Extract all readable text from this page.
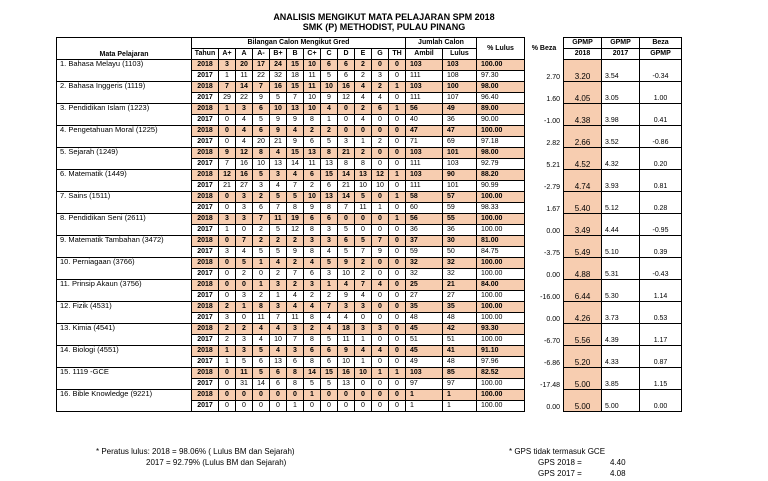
ANALISIS MENGIKUT MATA PELAJARAN SPM 2018
SMK (P) METHODIST, PULAU PINANG
Mata Pelajaran	Bilangan Calon Mengikut Gred												Jumlah Calon		% Lulus	% Beza	GPMP	GPMP	Beza
	Tahun	A+	A	A-	B+	B	C+	C	D	E	G	TH	Ambil	Lulus			2018	2017	GPMP
1. Bahasa Melayu (1103)	2018	3	20	17	24	15	10	6	6	2	0	0	103	103	100.00	2.70	3.20	3.54	-0.34
	2017	1	11	22	32	18	11	5	6	2	3	0	111	108	97.30				
2. Bahasa Inggeris (1119)	2018	7	14	7	16	15	11	10	16	4	2	1	103	100	98.00	1.60	4.05	3.05	1.00
	2017	29	22	9	5	7	10	9	12	4	4	0	111	107	96.40				
3. Pendidikan Islam (1223)	2018	1	3	6	10	13	10	4	0	2	6	1	56	49	89.00	-1.00	4.38	3.98	0.41
	2017	0	4	5	9	9	8	1	0	4	0	0	40	36	90.00				
4. Pengetahuan Moral (1225)	2018	0	4	6	9	4	2	2	0	0	0	0	47	47	100.00	2.82	2.66	3.52	-0.86
	2017	0	4	20	21	9	6	5	3	1	2	0	71	69	97.18				
5. Sejarah (1249)	2018	9	12	8	4	15	13	8	21	2	0	0	103	101	98.00	5.21	4.52	4.32	0.20
	2017	7	16	10	13	14	11	13	8	8	0	0	111	103	92.79				
6. Matematik (1449)	2018	12	16	5	3	4	6	15	14	13	12	1	103	90	88.20	-2.79	4.74	3.93	0.81
	2017	21	27	3	4	7	2	6	21	10	10	0	111	101	90.99				
7. Sains (1511)	2018	0	3	2	5	5	10	13	14	5	0	1	58	57	100.00	1.67	5.40	5.12	0.28
	2017	0	3	6	7	8	9	8	7	11	1	0	60	59	98.33				
8. Pendidikan Seni (2611)	2018	3	3	7	11	19	6	6	0	0	0	1	56	55	100.00	0.00	3.49	4.44	-0.95
	2017	1	0	2	5	12	8	3	5	0	0	0	36	36	100.00				
9. Matematik Tambahan (3472)	2018	0	7	2	2	2	3	3	6	5	7	0	37	30	81.00	-3.75	5.49	5.10	0.39
	2017	3	4	5	5	9	8	4	5	7	9	0	59	50	84.75				
10. Perniagaan (3766)	2018	0	5	1	4	2	4	5	9	2	0	0	32	32	100.00	0.00	4.88	5.31	-0.43
	2017	0	2	0	2	7	6	3	10	2	0	0	32	32	100.00				
11. Prinsip Akaun (3756)	2018	0	0	1	3	2	3	1	4	7	4	0	25	21	84.00	-16.00	6.44	5.30	1.14
	2017	0	3	2	1	4	2	2	9	4	0	0	27	27	100.00				
12. Fizik (4531)	2018	2	1	8	3	4	4	7	3	3	0	0	35	35	100.00	0.00	4.26	3.73	0.53
	2017	3	0	11	7	11	8	4	4	0	0	0	48	48	100.00				
13. Kimia (4541)	2018	2	2	4	4	3	2	4	18	3	3	0	45	42	93.30	-6.70	5.56	4.39	1.17
	2017	2	3	4	10	7	8	5	11	1	0	0	51	51	100.00				
14. Biologi (4551)	2018	1	3	5	4	3	6	6	9	4	4	0	45	41	91.10	-6.86	5.20	4.33	0.87
	2017	1	5	6	13	6	8	6	10	1	0	0	49	48	97.96				
15. 1119 -GCE	2018	0	11	5	6	8	14	15	16	10	1	1	103	85	82.52	-17.48	5.00	3.85	1.15
	2017	0	31	14	6	8	5	5	13	0	0	0	97	97	100.00				
16. Bible Knowledge (9221)	2018	0	0	0	0	0	1	0	0	0	0	0	1	1	100.00	0.00	5.00	5.00	0.00
	2017	0	0	0	0	1	0	0	0	0	0	0	1	1	100.00				
* Peratus lulus: 2018 = 98.06% ( Lulus BM dan Sejarah)
2017 = 92.79% (Lulus BM dan Sejarah)
* GPS tidak termasuk GCE
GPS 2018 =	4.40
GPS 2017 =	4.08
